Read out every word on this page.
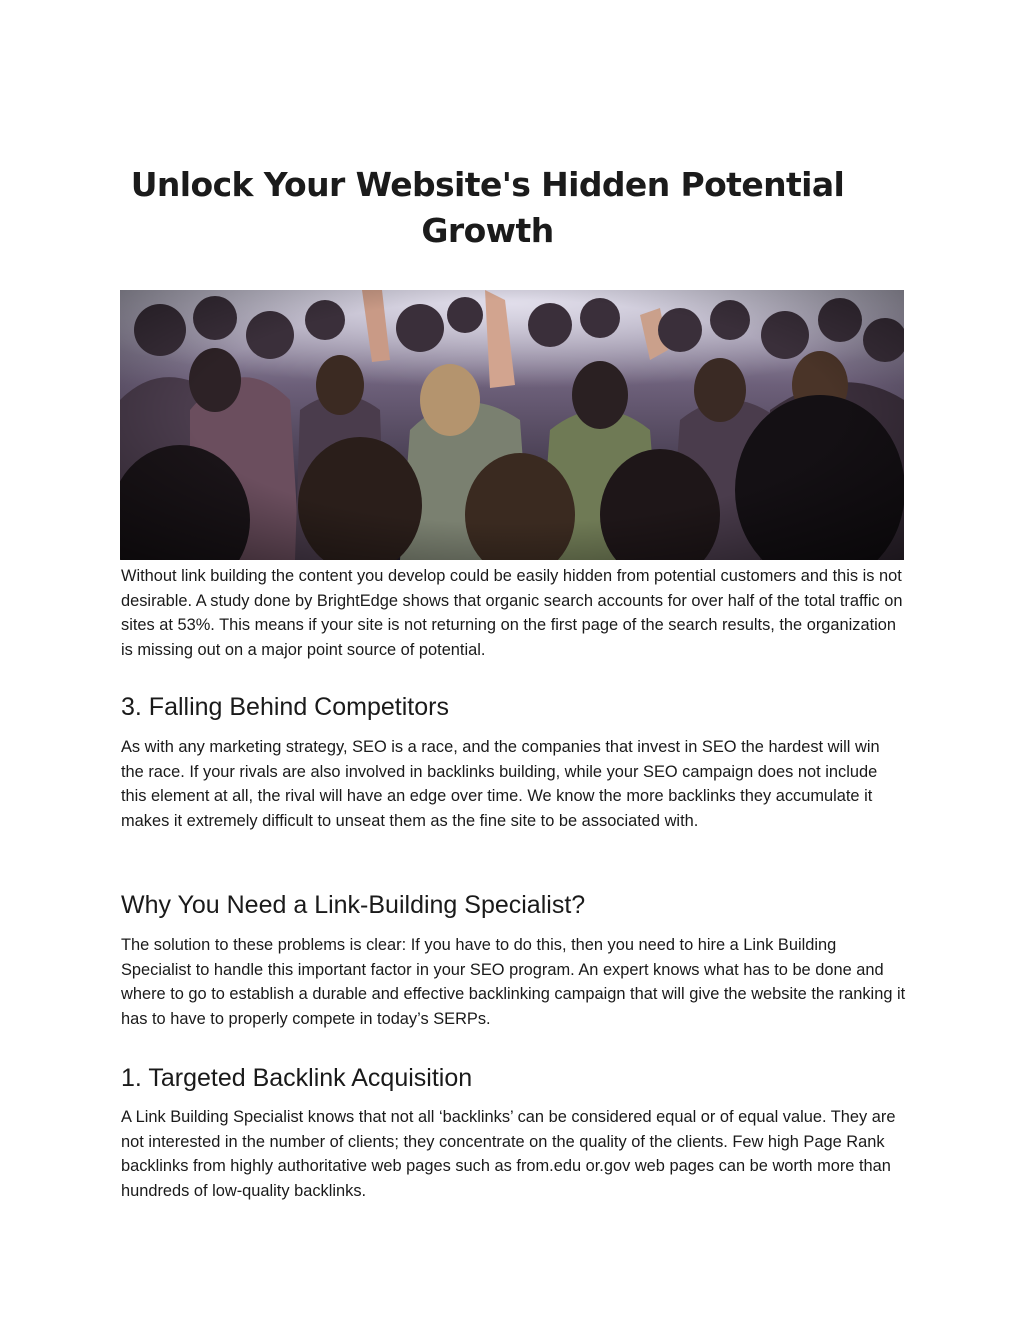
Unlock Your Website's Hidden Potential Growth

Without link building the content you develop could be easily hidden from potential customers and this is not desirable. A study done by BrightEdge shows that organic search accounts for over half of the total traffic on sites at 53%. This means if your site is not returning on the first page of the search results, the organization is missing out on a major point source of potential.

3. Falling Behind Competitors

As with any marketing strategy, SEO is a race, and the companies that invest in SEO the hardest will win the race. If your rivals are also involved in backlinks building, while your SEO campaign does not include this element at all, the rival will have an edge over time. We know the more backlinks they accumulate it makes it extremely difficult to unseat them as the fine site to be associated with.

Why You Need a Link-Building Specialist?

The solution to these problems is clear: If you have to do this, then you need to hire a Link Building Specialist to handle this important factor in your SEO program. An expert knows what has to be done and where to go to establish a durable and effective backlinking campaign that will give the website the ranking it has to have to properly compete in today’s SERPs.

1. Targeted Backlink Acquisition

A Link Building Specialist knows that not all ‘backlinks’ can be considered equal or of equal value. They are not interested in the number of clients; they concentrate on the quality of the clients. Few high Page Rank backlinks from highly authoritative web pages such as from.edu or.gov web pages can be worth more than hundreds of low-quality backlinks.
